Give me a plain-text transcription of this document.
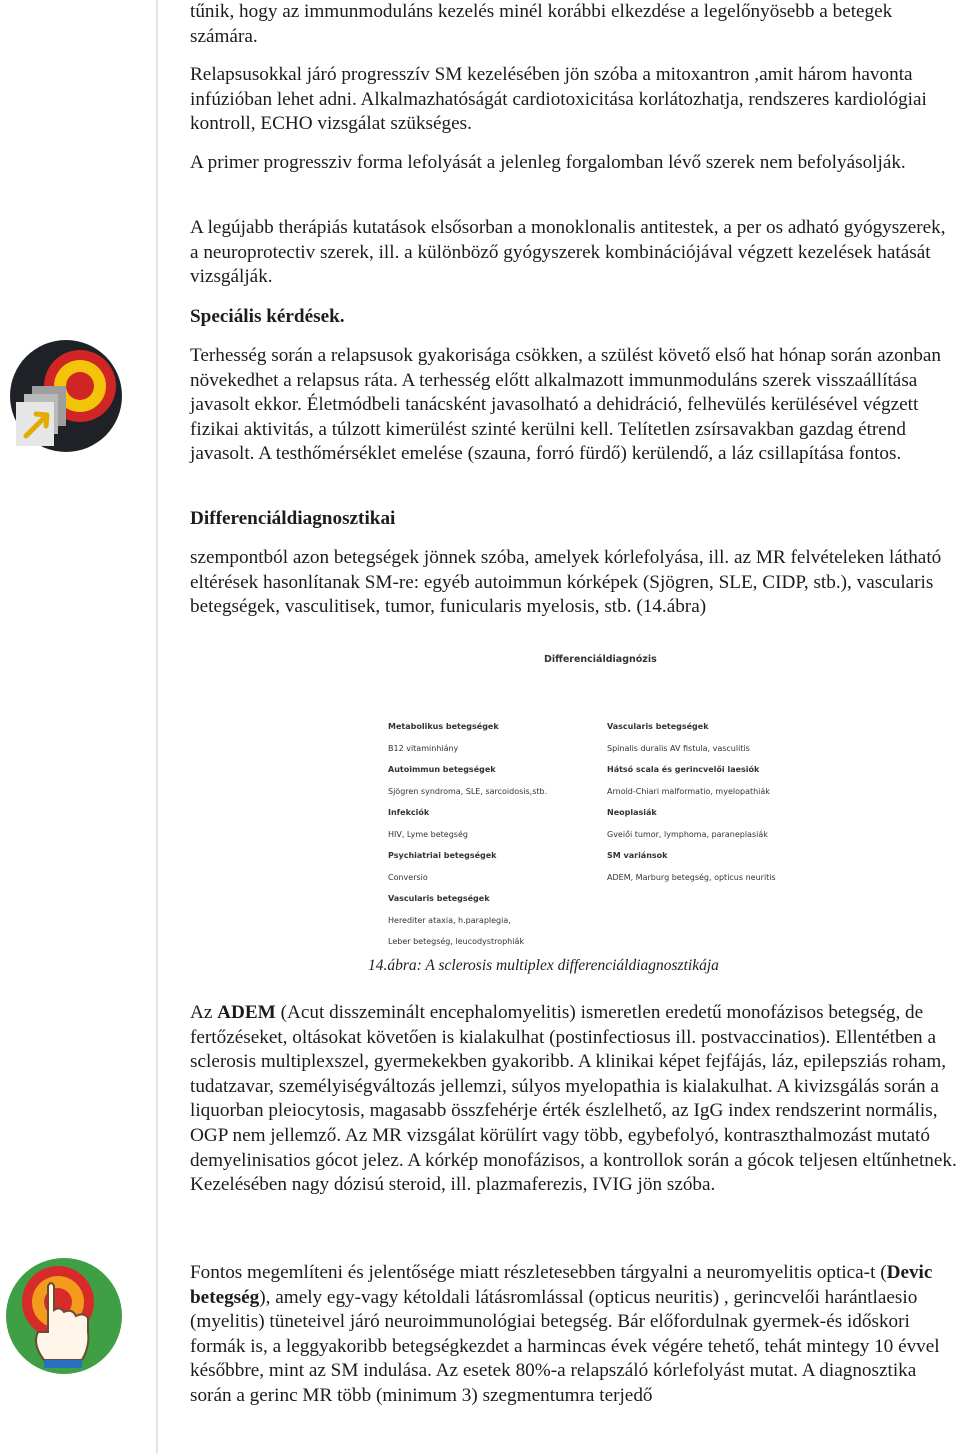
tűnik, hogy az immunmoduláns kezelés minél korábbi elkezdése a legelőnyösebb a betegek számára.

Relapsusokkal járó progresszív SM kezelésében jön szóba a mitoxantron ,amit három havonta infúzióban lehet adni. Alkalmazhatóságát cardiotoxicitása korlátozhatja, rendszeres kardiológiai kontroll, ECHO vizsgálat szükséges.

A primer progressziv forma lefolyását a jelenleg forgalomban lévő szerek nem befolyásolják.

A legújabb therápiás kutatások elsősorban a monoklonalis antitestek, a per os adható gyógyszerek, a neuroprotectiv szerek, ill. a különböző gyógyszerek kombinációjával végzett kezelések hatását vizsgálják.

Speciális kérdések.

Terhesség során a relapsusok gyakorisága csökken, a szülést követő első hat hónap során azonban növekedhet a relapsus ráta. A terhesség előtt alkalmazott immunmoduláns szerek visszaállítása javasolt ekkor. Életmódbeli tanácsként javasolható a dehidráció, felhevülés kerülésével végzett fizikai aktivitás, a túlzott kimerülést szinté kerülni kell. Telítetlen zsírsavakban gazdag étrend javasolt. A testhőmérséklet emelése (szauna, forró fürdő) kerülendő, a láz csillapítása fontos.

Differenciáldiagnosztikai

szempontból azon betegségek jönnek szóba, amelyek kórlefolyása, ill. az MR felvételeken látható eltérések hasonlítanak SM-re: egyéb autoimmun kórképek (Sjögren, SLE, CIDP, stb.), vascularis betegségek, vasculitisek, tumor, funicularis myelosis, stb. (14.ábra)

Differenciáldiagnózis
Metabolikus betegségek
B12 vitaminhiány
Autoimmun betegségek
Sjögren syndroma, SLE, sarcoidosis,stb.
Infekciók
HIV, Lyme betegség
Psychiatriai betegségek
Conversio
Vascularis betegségek
Herediter ataxia, h.paraplegia,
Leber betegség, leucodystrophiák
Vascularis betegségek
Spinalis duralis AV fistula, vasculitis
Hátsó scala és gerincvelői laesiók
Arnold-Chiari malformatio, myelopathiák
Neoplasiák
Gveiői tumor, lymphoma, paraneplasiák
SM variánsok
ADEM, Marburg betegség, opticus neuritis
14.ábra: A sclerosis multiplex differenciáldiagnosztikája

Az ADEM (Acut disszeminált encephalomyelitis) ismeretlen eredetű monofázisos betegség, de fertőzéseket, oltásokat követően is kialakulhat (postinfectiosus ill. postvaccinatios). Ellentétben a sclerosis multiplexszel, gyermekekben gyakoribb. A klinikai képet fejfájás, láz, epilepsziás roham, tudatzavar, személyiségváltozás jellemzi, súlyos myelopathia is kialakulhat. A kivizsgálás során a liquorban pleiocytosis, magasabb összfehérje érték észlelhető, az IgG index rendszerint normális, OGP nem jellemző. Az MR vizsgálat körülírt vagy több, egybefolyó, kontraszthalmozást mutató demyelinisatios gócot jelez. A kórkép monofázisos, a kontrollok során a gócok teljesen eltűnhetnek. Kezelésében nagy dózisú steroid, ill. plazmaferezis, IVIG jön szóba.

Fontos megemlíteni és jelentősége miatt részletesebben tárgyalni a neuromyelitis optica-t (Devic betegség), amely egy-vagy kétoldali látásromlással (opticus neuritis) , gerincvelői harántlaesio (myelitis) tüneteivel járó neuroimmunológiai betegség. Bár előfordulnak gyermek-és időskori formák is, a leggyakoribb betegségkezdet a harmincas évek végére tehető, tehát mintegy 10 évvel későbbre, mint az SM indulása. Az esetek 80%-a relapszáló kórlefolyást mutat. A diagnosztika során a gerinc MR több (minimum 3) szegmentumra terjedő
